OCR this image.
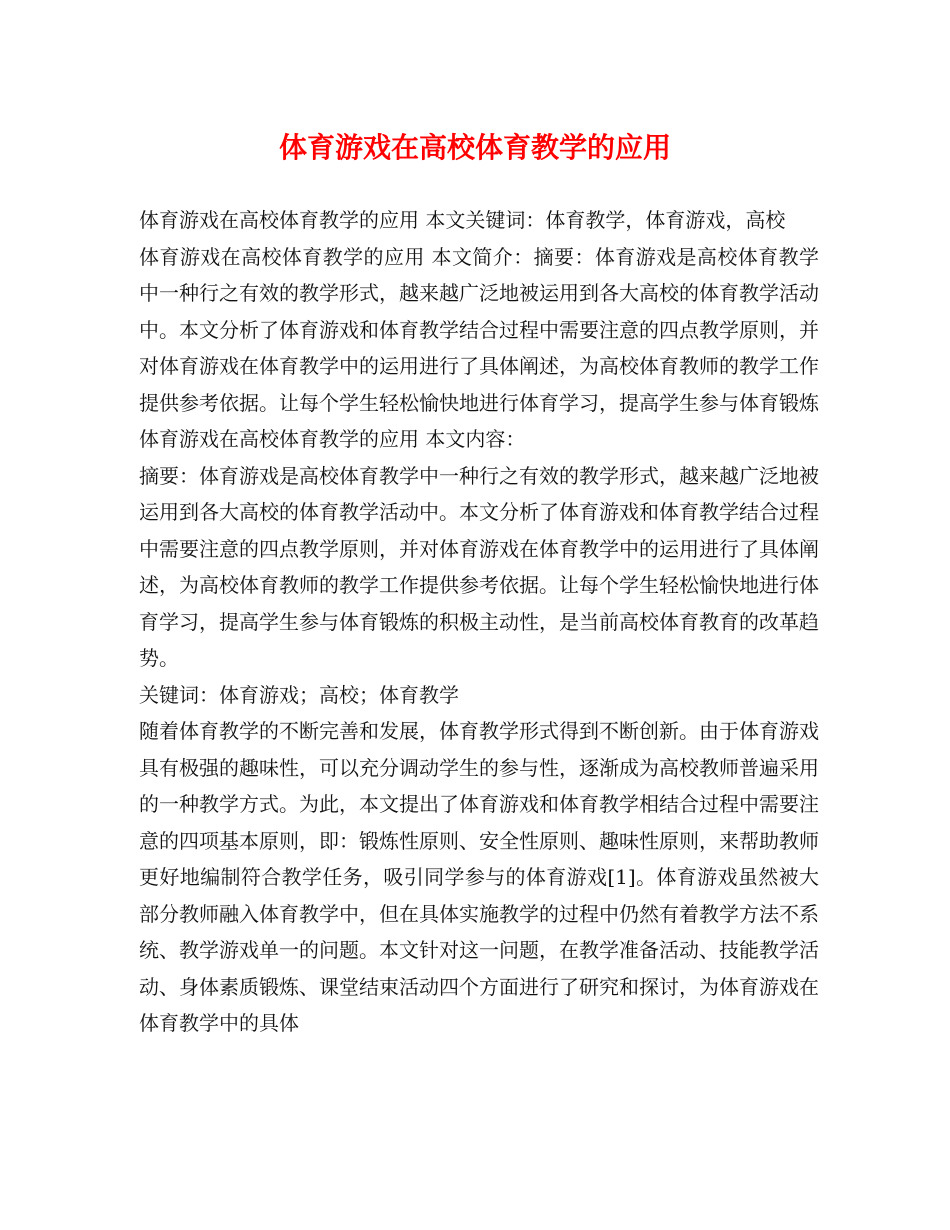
体育游戏在高校体育教学的应用

体育游戏在高校体育教学的应用 本文关键词：体育教学，体育游戏，高校

体育游戏在高校体育教学的应用 本文简介：摘要：体育游戏是高校体育教学中一种行之有效的教学形式，越来越广泛地被运用到各大高校的体育教学活动中。本文分析了体育游戏和体育教学结合过程中需要注意的四点教学原则，并对体育游戏在体育教学中的运用进行了具体阐述，为高校体育教师的教学工作提供参考依据。让每个学生轻松愉快地进行体育学习，提高学生参与体育锻炼

体育游戏在高校体育教学的应用 本文内容：

摘要：体育游戏是高校体育教学中一种行之有效的教学形式，越来越广泛地被运用到各大高校的体育教学活动中。本文分析了体育游戏和体育教学结合过程中需要注意的四点教学原则，并对体育游戏在体育教学中的运用进行了具体阐述，为高校体育教师的教学工作提供参考依据。让每个学生轻松愉快地进行体育学习，提高学生参与体育锻炼的积极主动性，是当前高校体育教育的改革趋势。

关键词：体育游戏；高校；体育教学

随着体育教学的不断完善和发展，体育教学形式得到不断创新。由于体育游戏具有极强的趣味性，可以充分调动学生的参与性，逐渐成为高校教师普遍采用的一种教学方式。为此，本文提出了体育游戏和体育教学相结合过程中需要注意的四项基本原则，即：锻炼性原则、安全性原则、趣味性原则，来帮助教师更好地编制符合教学任务，吸引同学参与的体育游戏[1]。体育游戏虽然被大部分教师融入体育教学中，但在具体实施教学的过程中仍然有着教学方法不系统、教学游戏单一的问题。本文针对这一问题，在教学准备活动、技能教学活动、身体素质锻炼、课堂结束活动四个方面进行了研究和探讨，为体育游戏在体育教学中的具体
